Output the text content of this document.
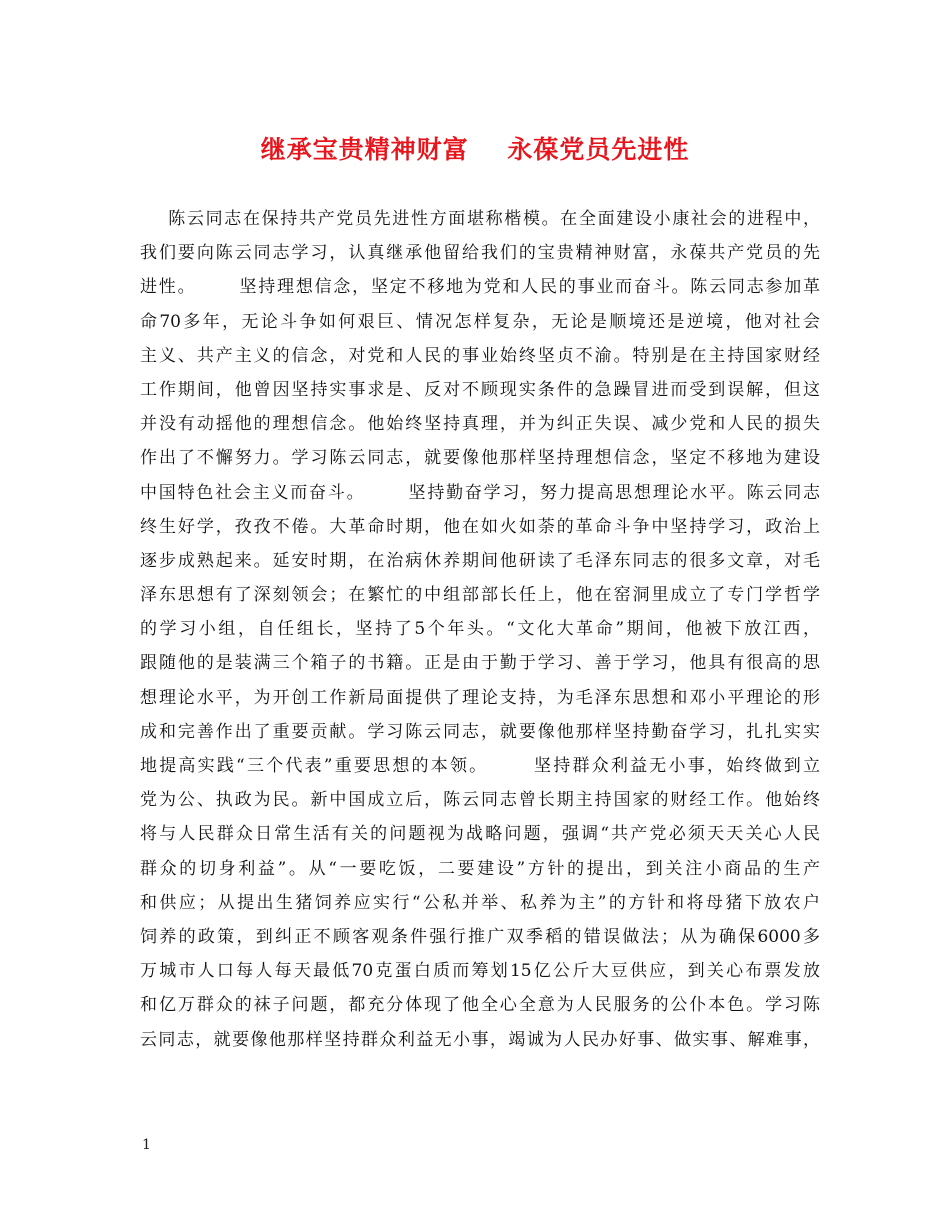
继承宝贵精神财富    永葆党员先进性
陈云同志在保持共产党员先进性方面堪称楷模。在全面建设小康社会的进程中，
我们要向陈云同志学习，认真继承他留给我们的宝贵精神财富，永葆共产党员的先
进性。      坚持理想信念，坚定不移地为党和人民的事业而奋斗。陈云同志参加革
命70多年，无论斗争如何艰巨、情况怎样复杂，无论是顺境还是逆境，他对社会
主义、共产主义的信念，对党和人民的事业始终坚贞不渝。特别是在主持国家财经
工作期间，他曾因坚持实事求是、反对不顾现实条件的急躁冒进而受到误解，但这
并没有动摇他的理想信念。他始终坚持真理，并为纠正失误、减少党和人民的损失
作出了不懈努力。学习陈云同志，就要像他那样坚持理想信念，坚定不移地为建设
中国特色社会主义而奋斗。      坚持勤奋学习，努力提高思想理论水平。陈云同志
终生好学，孜孜不倦。大革命时期，他在如火如荼的革命斗争中坚持学习，政治上
逐步成熟起来。延安时期，在治病休养期间他研读了毛泽东同志的很多文章，对毛
泽东思想有了深刻领会；在繁忙的中组部部长任上，他在窑洞里成立了专门学哲学
的学习小组，自任组长，坚持了5个年头。“文化大革命”期间，他被下放江西，
跟随他的是装满三个箱子的书籍。正是由于勤于学习、善于学习，他具有很高的思
想理论水平，为开创工作新局面提供了理论支持，为毛泽东思想和邓小平理论的形
成和完善作出了重要贡献。学习陈云同志，就要像他那样坚持勤奋学习，扎扎实实
地提高实践“三个代表”重要思想的本领。      坚持群众利益无小事，始终做到立
党为公、执政为民。新中国成立后，陈云同志曾长期主持国家的财经工作。他始终
将与人民群众日常生活有关的问题视为战略问题，强调“共产党必须天天关心人民
群众的切身利益”。从“一要吃饭，二要建设”方针的提出，到关注小商品的生产
和供应；从提出生猪饲养应实行“公私并举、私养为主”的方针和将母猪下放农户
饲养的政策，到纠正不顾客观条件强行推广双季稻的错误做法；从为确保6000多
万城市人口每人每天最低70克蛋白质而筹划15亿公斤大豆供应，到关心布票发放
和亿万群众的袜子问题，都充分体现了他全心全意为人民服务的公仆本色。学习陈
云同志，就要像他那样坚持群众利益无小事，竭诚为人民办好事、做实事、解难事，
1
